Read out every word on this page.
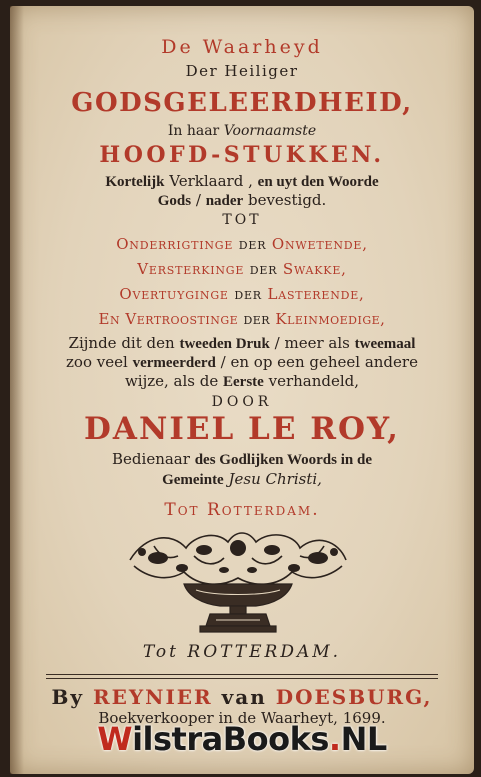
De Waarheyd
Der Heiliger
GODSGELEERDHEID,
In haar Voornaamste
HOOFD-STUKKEN.
Kortelijk Verklaard , en uyt den Woorde
Gods / nader bevestigd.
TOT
Onderrigtinge der Onwetende,
Versterkinge der Swakke,
Overtuyginge der Lasterende,
En Vertroostinge der Kleinmoedige,
Zijnde dit den tweeden Druk / meer als tweemaal
zoo veel vermeerderd / en op een geheel andere
wijze, als de Eerste verhandeld,
DOOR
DANIEL LE ROY,
Bedienaar des Godlijken Woords in de
Gemeinte Jesu Christi,
Tot Rotterdam.
Tot ROTTERDAM.
By REYNIER van DOESBURG,
Boekverkooper in de Waarheyt, 1699.
WilstraBooks.NL
